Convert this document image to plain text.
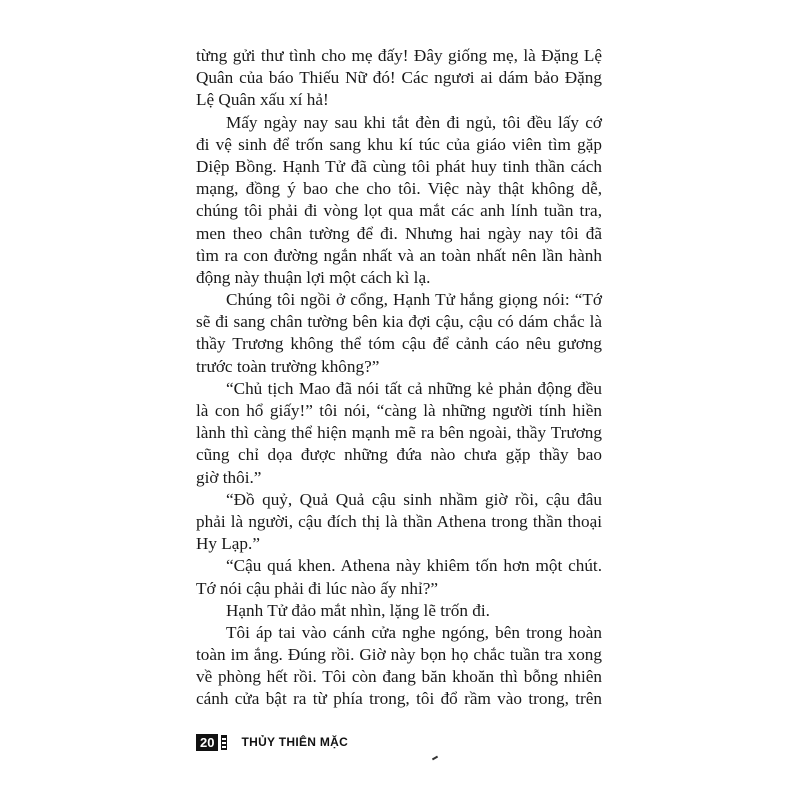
từng gửi thư tình cho mẹ đấy! Đây giống mẹ, là Đặng Lệ
Quân của báo Thiếu Nữ đó! Các ngươi ai dám bảo Đặng
Lệ Quân xấu xí hả!
Mấy ngày nay sau khi tắt đèn đi ngủ, tôi đều lấy cớ
đi vệ sinh để trốn sang khu kí túc của giáo viên tìm gặp
Diệp Bồng. Hạnh Tử đã cùng tôi phát huy tinh thần cách
mạng, đồng ý bao che cho tôi. Việc này thật không dễ,
chúng tôi phải đi vòng lọt qua mắt các anh lính tuần tra,
men theo chân tường để đi. Nhưng hai ngày nay tôi đã
tìm ra con đường ngắn nhất và an toàn nhất nên lần hành
động này thuận lợi một cách kì lạ.
Chúng tôi ngồi ở cổng, Hạnh Tử hắng giọng nói: “Tớ
sẽ đi sang chân tường bên kia đợi cậu, cậu có dám chắc là
thầy Trương không thể tóm cậu để cảnh cáo nêu gương
trước toàn trường không?”
“Chủ tịch Mao đã nói tất cả những kẻ phản động đều
là con hổ giấy!” tôi nói, “càng là những người tính hiền
lành thì càng thể hiện mạnh mẽ ra bên ngoài, thầy Trương
cũng chỉ dọa được những đứa nào chưa gặp thầy bao
giờ thôi.”
“Đồ quỷ, Quả Quả cậu sinh nhầm giờ rồi, cậu đâu
phải là người, cậu đích thị là thần Athena trong thần thoại
Hy Lạp.”
“Cậu quá khen. Athena này khiêm tốn hơn một chút.
Tớ nói cậu phải đi lúc nào ấy nhỉ?”
Hạnh Tử đảo mắt nhìn, lặng lẽ trốn đi.
Tôi áp tai vào cánh cửa nghe ngóng, bên trong hoàn
toàn im ắng. Đúng rồi. Giờ này bọn họ chắc tuần tra xong
về phòng hết rồi. Tôi còn đang băn khoăn thì bỗng nhiên
cánh cửa bật ra từ phía trong, tôi đổ rầm vào trong, trên
20	THỦY THIÊN MẶC
